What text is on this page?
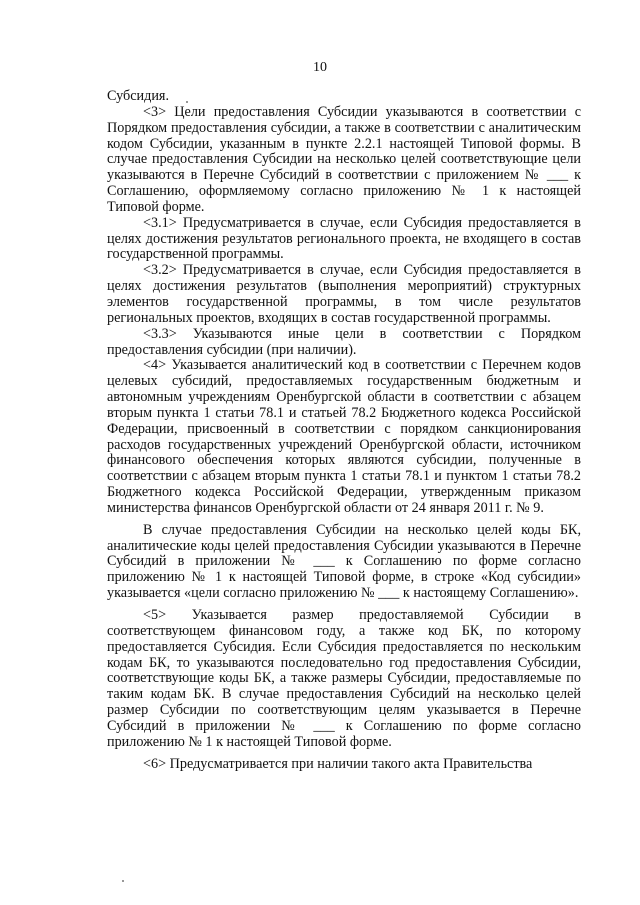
10

Субсидия.

<3> Цели предоставления Субсидии указываются в соответствии с Порядком предоставления субсидии, а также в соответствии с аналитическим кодом Субсидии, указанным в пункте 2.2.1 настоящей Типовой формы. В случае предоставления Субсидии на несколько целей соответствующие цели указываются в Перечне Субсидий в соответствии с приложением № ___ к Соглашению, оформляемому согласно приложению № 1 к настоящей Типовой форме.

<3.1> Предусматривается в случае, если Субсидия предоставляется в целях достижения результатов регионального проекта, не входящего в состав государственной программы.

<3.2> Предусматривается в случае, если Субсидия предоставляется в целях достижения результатов (выполнения мероприятий) структурных элементов государственной программы, в том числе результатов региональных проектов, входящих в состав государственной программы.

<3.3> Указываются иные цели в соответствии с Порядком предоставления субсидии (при наличии).

<4> Указывается аналитический код в соответствии с Перечнем кодов целевых субсидий, предоставляемых государственным бюджетным и автономным учреждениям Оренбургской области в соответствии с абзацем вторым пункта 1 статьи 78.1 и статьей 78.2 Бюджетного кодекса Российской Федерации, присвоенный в соответствии с порядком санкционирования расходов государственных учреждений Оренбургской области, источником финансового обеспечения которых являются субсидии, полученные в соответствии с абзацем вторым пункта 1 статьи 78.1 и пунктом 1 статьи 78.2 Бюджетного кодекса Российской Федерации, утвержденным приказом министерства финансов Оренбургской области от 24 января 2011 г. № 9.

В случае предоставления Субсидии на несколько целей коды БК, аналитические коды целей предоставления Субсидии указываются в Перечне Субсидий в приложении № ___ к Соглашению по форме согласно приложению № 1 к настоящей Типовой форме, в строке «Код субсидии» указывается «цели согласно приложению № ___ к настоящему Соглашению».

<5> Указывается размер предоставляемой Субсидии в соответствующем финансовом году, а также код БК, по которому предоставляется Субсидия. Если Субсидия предоставляется по нескольким кодам БК, то указываются последовательно год предоставления Субсидии, соответствующие коды БК, а также размеры Субсидии, предоставляемые по таким кодам БК. В случае предоставления Субсидий на несколько целей размер Субсидии по соответствующим целям указывается в Перечне Субсидий в приложении № ___ к Соглашению по форме согласно приложению № 1 к настоящей Типовой форме.

<6> Предусматривается при наличии такого акта Правительства
